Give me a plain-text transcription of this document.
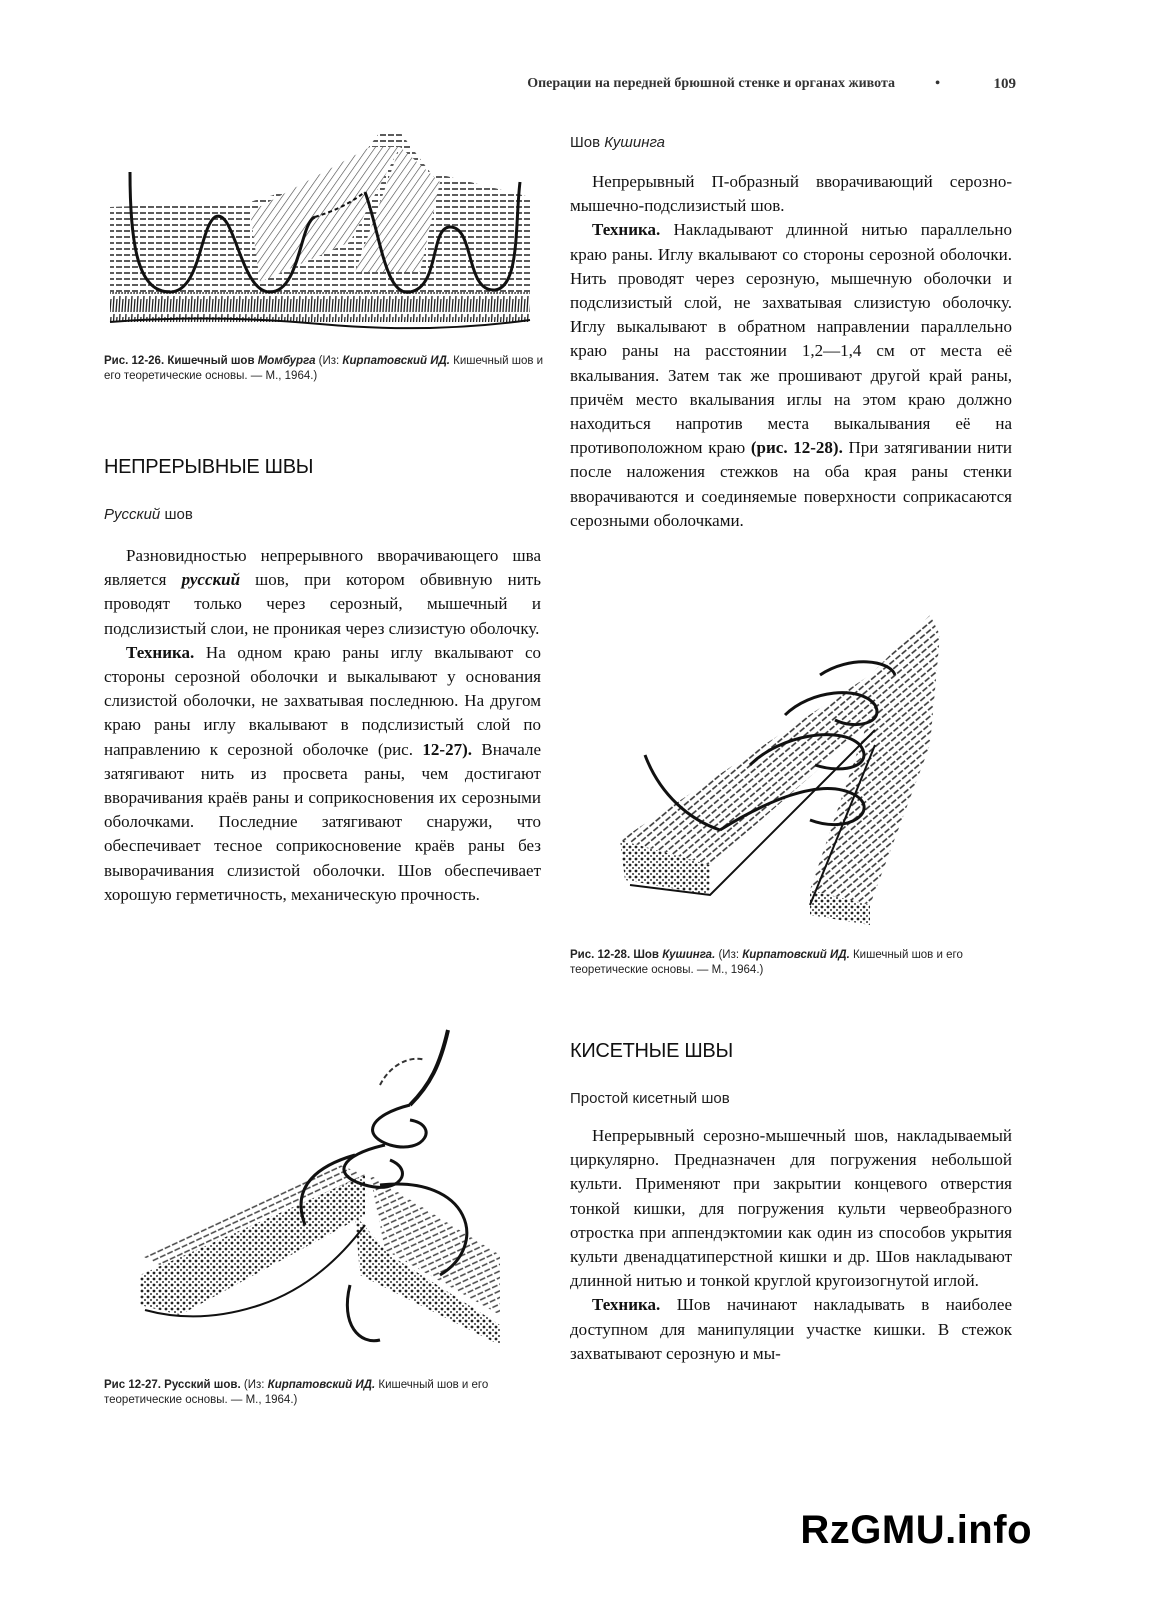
Операции на передней брюшной стенке и органах живота	•	109
Рис. 12-26. Кишечный шов Момбурга (Из: Кирпатовский ИД. Кишечный шов и его теоретические основы. — М., 1964.)
НЕПРЕРЫВНЫЕ ШВЫ
Русский шов

Разновидностью непрерывного вворачивающего шва является русский шов, при котором обвивную нить проводят только через серозный, мышечный и подслизистый слои, не проникая через слизистую оболочку.

Техника. На одном краю раны иглу вкалывают со стороны серозной оболочки и выкалывают у основания слизистой оболочки, не захватывая последнюю. На другом краю раны иглу вкалывают в подслизистый слой по направлению к серозной оболочке (рис. 12-27). Вначале затягивают нить из просвета раны, чем достигают вворачивания краёв раны и соприкосновения их серозными оболочками. Последние затягивают снаружи, что обеспечивает тесное соприкосновение краёв раны без выворачивания слизистой оболочки. Шов обеспечивает хорошую герметичность, механическую прочность.

Рис 12-27. Русский шов. (Из: Кирпатовский ИД. Кишечный шов и его теоретические основы. — М., 1964.)
Шов Кушинга

Непрерывный П-образный вворачивающий серозно-мышечно-подслизистый шов.

Техника. Накладывают длинной нитью параллельно краю раны. Иглу вкалывают со стороны серозной оболочки. Нить проводят через серозную, мышечную оболочки и подслизистый слой, не захватывая слизистую оболочку. Иглу выкалывают в обратном направлении параллельно краю раны на расстоянии 1,2—1,4 см от места её вкалывания. Затем так же прошивают другой край раны, причём место вкалывания иглы на этом краю должно находиться напротив места выкалывания её на противоположном краю (рис. 12-28). При затягивании нити после наложения стежков на оба края раны стенки вворачиваются и соединяемые поверхности соприкасаются серозными оболочками.

Рис. 12-28. Шов Кушинга. (Из: Кирпатовский ИД. Кишечный шов и его теоретические основы. — М., 1964.)
КИСЕТНЫЕ ШВЫ
Простой кисетный шов

Непрерывный серозно-мышечный шов, накладываемый циркулярно. Предназначен для погружения небольшой культи. Применяют при закрытии концевого отверстия тонкой кишки, для погружения культи червеобразного отростка при аппендэктомии как один из способов укрытия культи двенадцатиперстной кишки и др. Шов накладывают длинной нитью и тонкой круглой кругоизогнутой иглой.

Техника. Шов начинают накладывать в наиболее доступном для манипуляции участке кишки. В стежок захватывают серозную и мы-

RzGMU.info
